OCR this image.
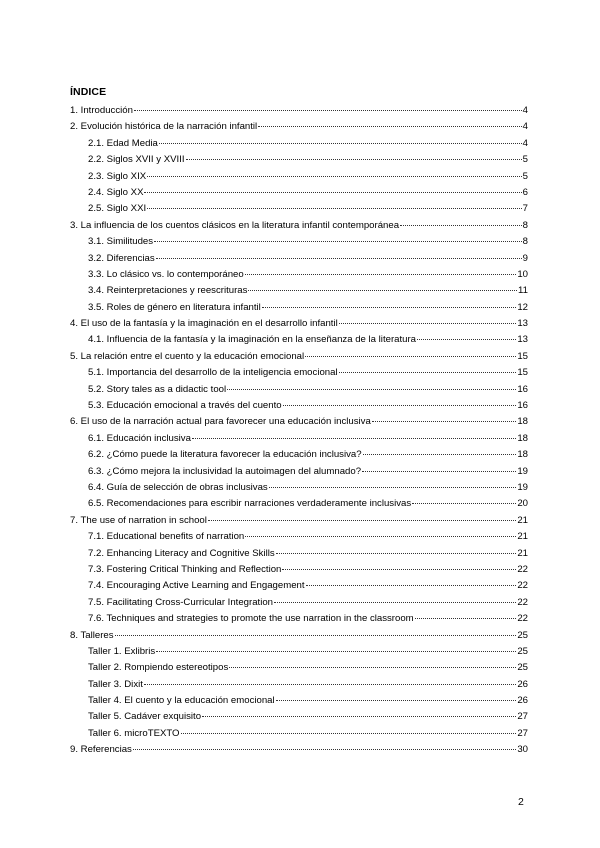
ÍNDICE
1. Introducción	4
2. Evolución histórica de la narración infantil	4
2.1. Edad Media	4
2.2. Siglos XVII y XVIII	5
2.3. Siglo XIX	5
2.4. Siglo XX	6
2.5. Siglo XXI	7
3. La influencia de los cuentos clásicos en la literatura infantil contemporánea	8
3.1. Similitudes	8
3.2. Diferencias	9
3.3. Lo clásico vs. lo contemporáneo	10
3.4. Reinterpretaciones y reescrituras	11
3.5. Roles de género en literatura infantil	12
4. El uso de la fantasía y la imaginación en el desarrollo infantil	13
4.1. Influencia de la fantasía y la imaginación en la enseñanza de la literatura	13
5. La relación entre el cuento y la educación emocional	15
5.1. Importancia del desarrollo de la inteligencia emocional	15
5.2. Story tales as a didactic tool	16
5.3. Educación emocional a través del cuento	16
6. El uso de la narración actual para favorecer una educación inclusiva	18
6.1. Educación inclusiva	18
6.2. ¿Cómo puede la literatura favorecer la educación inclusiva?	18
6.3. ¿Cómo mejora la inclusividad la autoimagen del alumnado?	19
6.4. Guía de selección de obras inclusivas	19
6.5. Recomendaciones para escribir narraciones verdaderamente inclusivas	20
7. The use of narration in school	21
7.1. Educational benefits of narration	21
7.2. Enhancing Literacy and Cognitive Skills	21
7.3. Fostering Critical Thinking and Reflection	22
7.4. Encouraging Active Learning and Engagement	22
7.5. Facilitating Cross-Curricular Integration	22
7.6. Techniques and strategies to promote the use narration in the classroom	22
8. Talleres	25
Taller 1. Exlibris	25
Taller 2. Rompiendo estereotipos	25
Taller 3. Dixit	26
Taller 4. El cuento y la educación emocional	26
Taller 5. Cadáver exquisito	27
Taller 6. microTEXTO	27
9. Referencias	30
2
